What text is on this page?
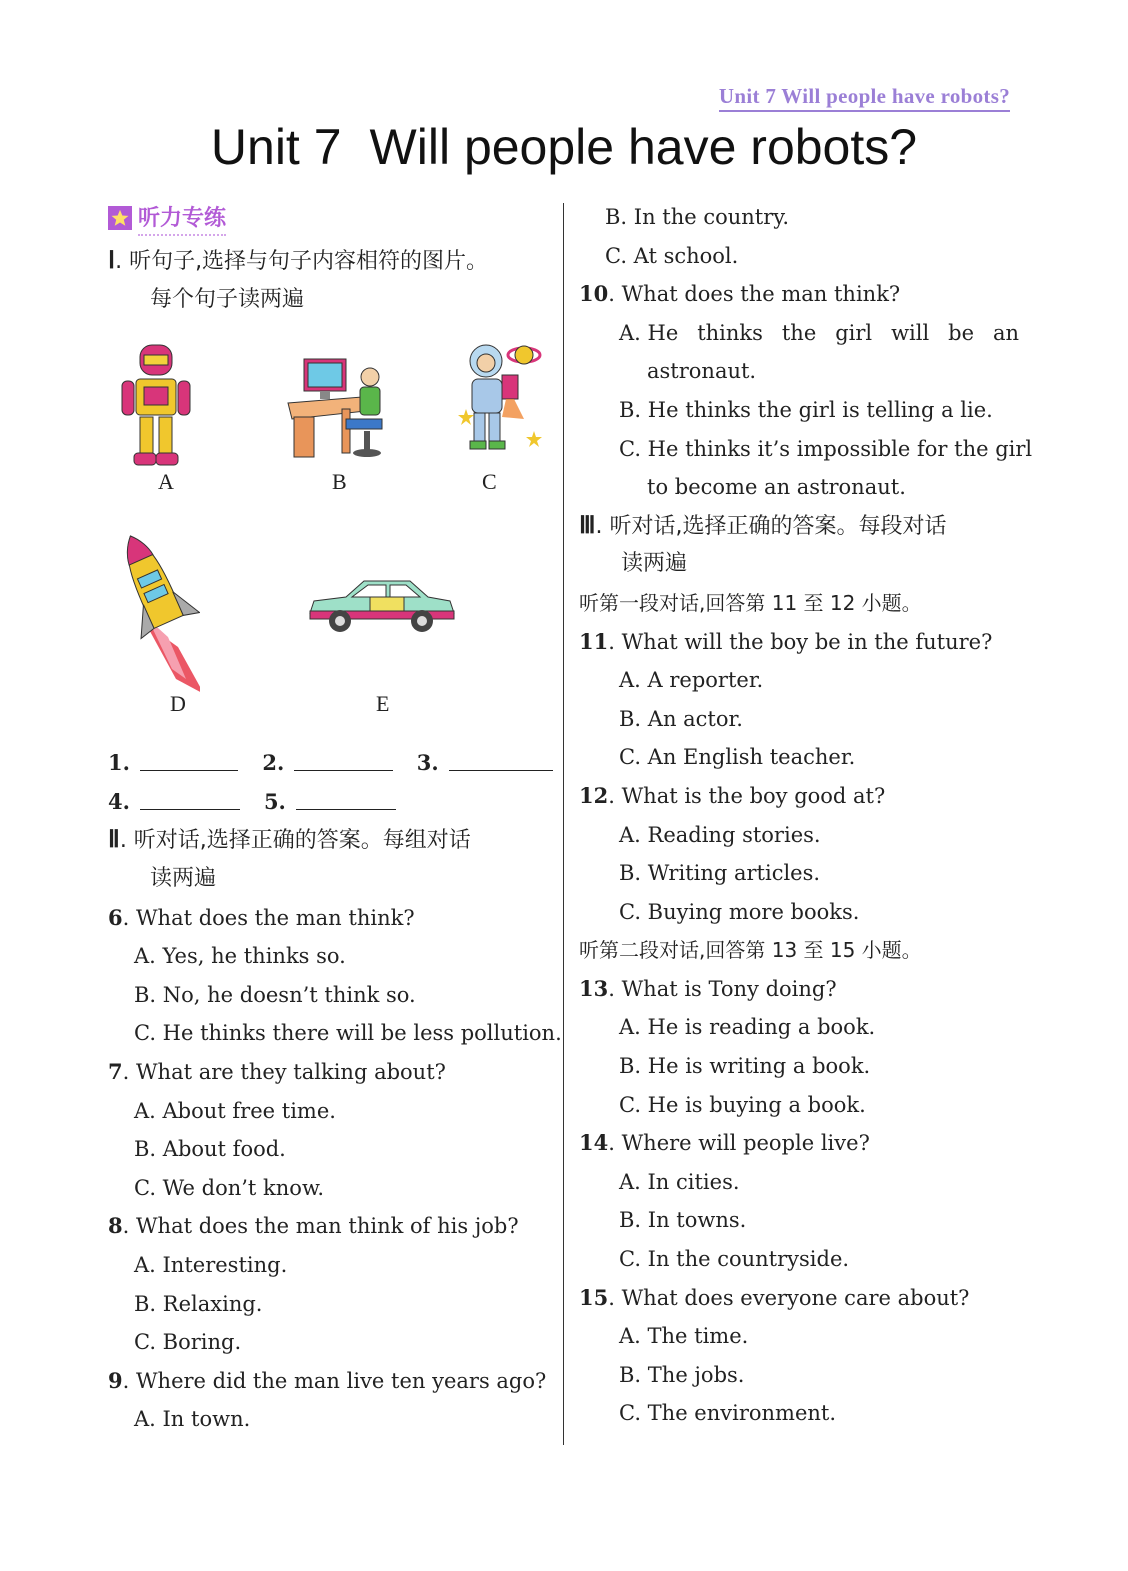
Unit 7 Will people have robots?
Unit 7 Will people have robots?
听力专练
Ⅰ. 听句子,选择与句子内容相符的图片。
每个句子读两遍
A	B	C
D	E
1.	2.	3.
4.	5.
Ⅱ. 听对话,选择正确的答案。每组对话
读两遍
6. What does the man think?
A. Yes, he thinks so.
B. No, he doesn’t think so.
C. He thinks there will be less pollution.
7. What are they talking about?
A. About free time.
B. About food.
C. We don’t know.
8. What does the man think of his job?
A. Interesting.
B. Relaxing.
C. Boring.
9. Where did the man live ten years ago?
A. In town.
B. In the country.
C. At school.
10. What does the man think?
A. He thinks the girl will be an
astronaut.
B. He thinks the girl is telling a lie.
C. He thinks it’s impossible for the girl
to become an astronaut.
Ⅲ. 听对话,选择正确的答案。每段对话
读两遍
听第一段对话,回答第 11 至 12 小题。
11. What will the boy be in the future?
A. A reporter.
B. An actor.
C. An English teacher.
12. What is the boy good at?
A. Reading stories.
B. Writing articles.
C. Buying more books.
听第二段对话,回答第 13 至 15 小题。
13. What is Tony doing?
A. He is reading a book.
B. He is writing a book.
C. He is buying a book.
14. Where will people live?
A. In cities.
B. In towns.
C. In the countryside.
15. What does everyone care about?
A. The time.
B. The jobs.
C. The environment.
